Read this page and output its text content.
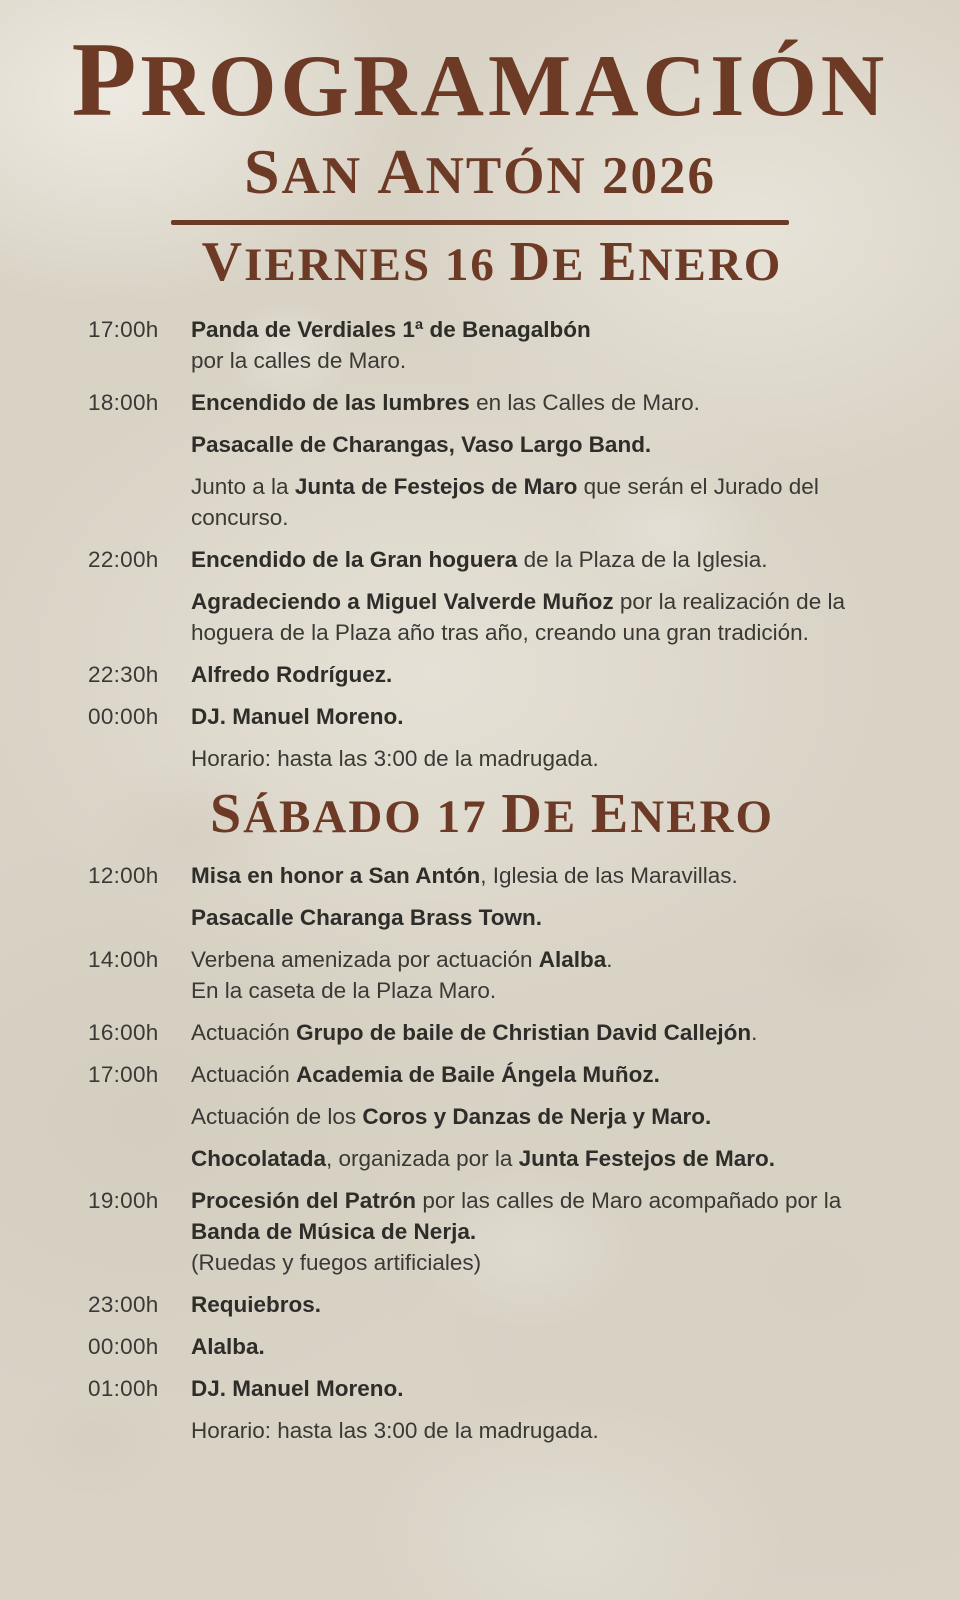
PROGRAMACIÓN
SAN ANTÓN 2026
VIERNES 16 DE ENERO
17:00h	Panda de Verdiales 1ª de Benagalbón

por la calles de Maro.

18:00h	Encendido de las lumbres en las Calles de Maro.

Pasacalle de Charangas, Vaso Largo Band.

Junto a la Junta de Festejos de Maro que serán el Jurado del concurso.

22:00h	Encendido de la Gran hoguera de la Plaza de la Iglesia.

Agradeciendo a Miguel Valverde Muñoz por la realización de la hoguera de la Plaza año tras año, creando una gran tradición.

22:30h	Alfredo Rodríguez.

00:00h	DJ. Manuel Moreno.

Horario: hasta las 3:00 de la madrugada.

SÁBADO 17 DE ENERO
12:00h	Misa en honor a San Antón, Iglesia de las Maravillas.

Pasacalle Charanga Brass Town.

14:00h	Verbena amenizada por actuación Alalba.

En la caseta de la Plaza Maro.

16:00h	Actuación Grupo de baile de Christian David Callejón.

17:00h	Actuación Academia de Baile Ángela Muñoz.

Actuación de los Coros y Danzas de Nerja y Maro.

Chocolatada, organizada por la Junta Festejos de Maro.

19:00h	Procesión del Patrón por las calles de Maro acompañado por la Banda de Música de Nerja.

(Ruedas y fuegos artificiales)

23:00h	Requiebros.

00:00h	Alalba.

01:00h	DJ. Manuel Moreno.

Horario: hasta las 3:00 de la madrugada.
